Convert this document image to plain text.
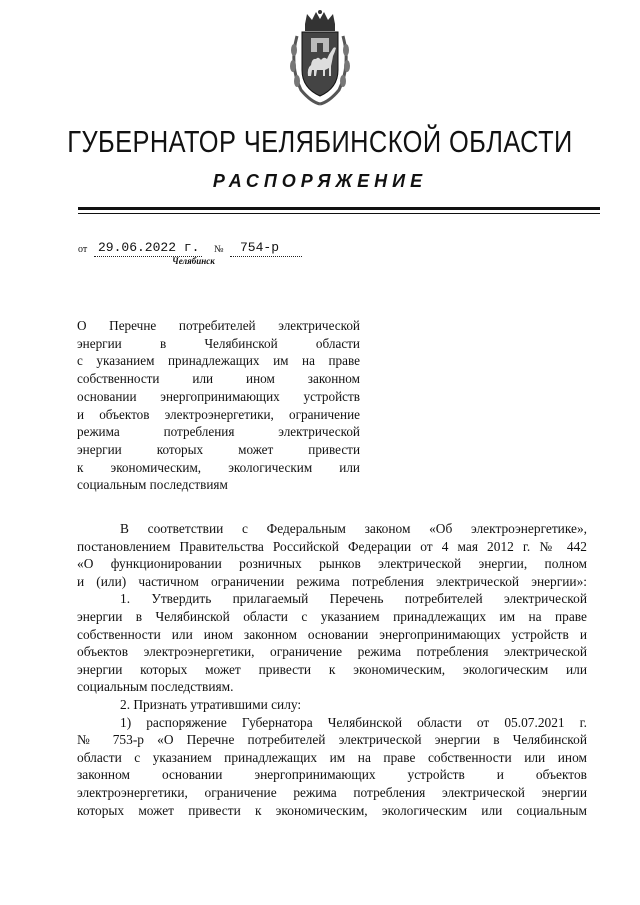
ГУБЕРНАТОР ЧЕЛЯБИНСКОЙ ОБЛАСТИ
РАСПОРЯЖЕНИЕ
от 29.06.2022 г. № 754-р
Челябинск
О Перечне потребителей электрической
энергии в Челябинской области
с указанием принадлежащих им на праве
собственности или ином законном
основании энергопринимающих устройств
и объектов электроэнергетики, ограничение
режима потребления электрической
энергии которых может привести
к экономическим, экологическим или
социальным последствиям
В соответствии с Федеральным законом «Об электроэнергетике»,
постановлением Правительства Российской Федерации от 4 мая 2012 г. № 442
«О функционировании розничных рынков электрической энергии, полном
и (или) частичном ограничении режима потребления электрической энергии»:
1. Утвердить прилагаемый Перечень потребителей электрической
энергии в Челябинской области с указанием принадлежащих им на праве
собственности или ином законном основании энергопринимающих устройств и
объектов электроэнергетики, ограничение режима потребления электрической
энергии которых может привести к экономическим, экологическим или
социальным последствиям.
2. Признать утратившими силу:
1) распоряжение Губернатора Челябинской области от 05.07.2021 г.
№ 753-р «О Перечне потребителей электрической энергии в Челябинской
области с указанием принадлежащих им на праве собственности или ином
законном основании энергопринимающих устройств и объектов
электроэнергетики, ограничение режима потребления электрической энергии
которых может привести к экономическим, экологическим или социальным
